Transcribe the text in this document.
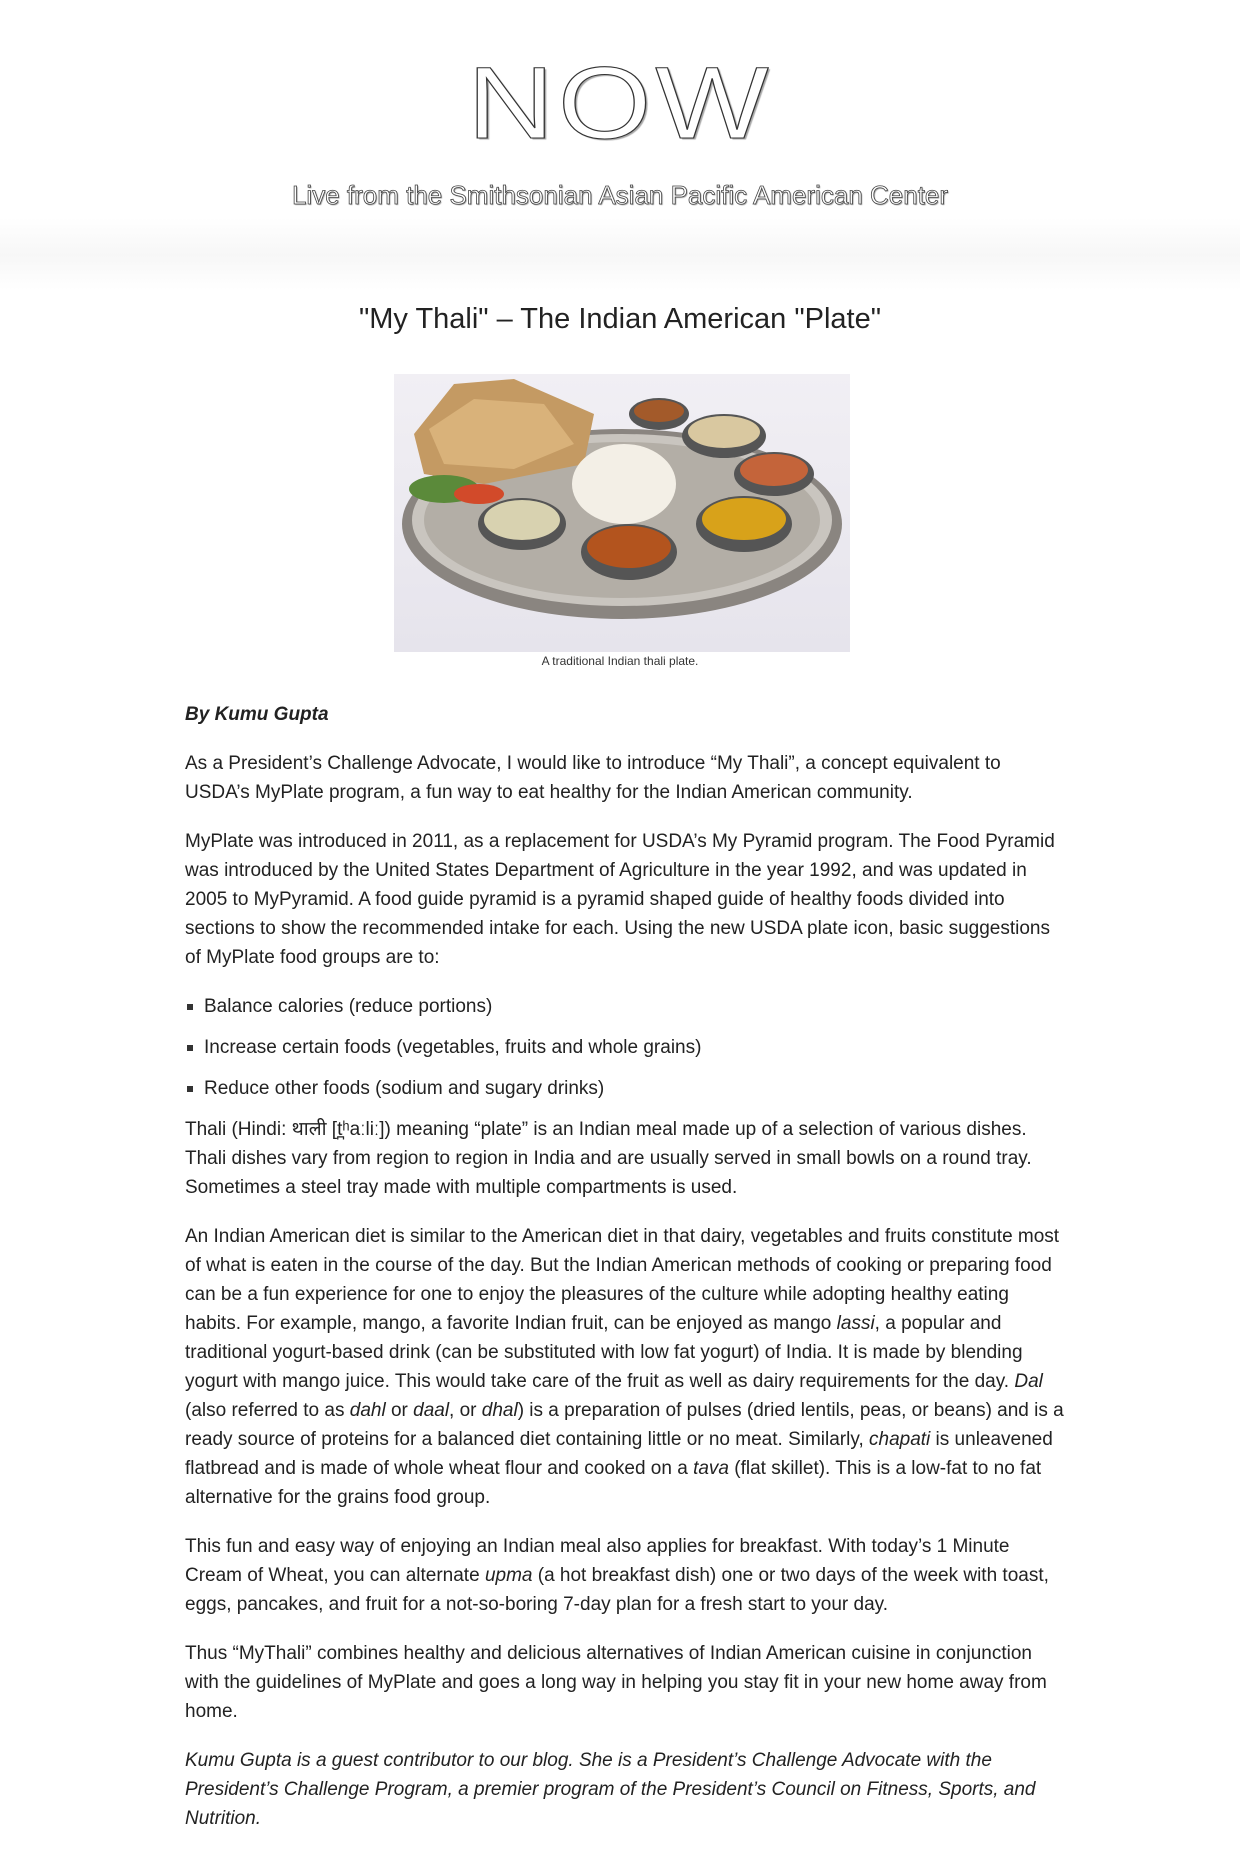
NOW
Live from the Smithsonian Asian Pacific American Center
"My Thali" – The Indian American "Plate"
A traditional Indian thali plate.
By Kumu Gupta

As a President’s Challenge Advocate, I would like to introduce “My Thali”, a concept equivalent to USDA’s MyPlate program, a fun way to eat healthy for the Indian American community.

MyPlate was introduced in 2011, as a replacement for USDA’s My Pyramid program. The Food Pyramid was introduced by the United States Department of Agriculture in the year 1992, and was updated in 2005 to MyPyramid. A food guide pyramid is a pyramid shaped guide of healthy foods divided into sections to show the recommended intake for each. Using the new USDA plate icon, basic suggestions of MyPlate food groups are to:

Balance calories (reduce portions)
Increase certain foods (vegetables, fruits and whole grains)
Reduce other foods (sodium and sugary drinks)

Thali (Hindi: थाली [t̪ʰaːliː]) meaning “plate” is an Indian meal made up of a selection of various dishes. Thali dishes vary from region to region in India and are usually served in small bowls on a round tray. Sometimes a steel tray made with multiple compartments is used.

An Indian American diet is similar to the American diet in that dairy, vegetables and fruits constitute most of what is eaten in the course of the day. But the Indian American methods of cooking or preparing food can be a fun experience for one to enjoy the pleasures of the culture while adopting healthy eating habits. For example, mango, a favorite Indian fruit, can be enjoyed as mango lassi, a popular and traditional yogurt-based drink (can be substituted with low fat yogurt) of India. It is made by blending yogurt with mango juice. This would take care of the fruit as well as dairy requirements for the day. Dal (also referred to as dahl or daal, or dhal) is a preparation of pulses (dried lentils, peas, or beans) and is a ready source of proteins for a balanced diet containing little or no meat. Similarly, chapati is unleavened flatbread and is made of whole wheat flour and cooked on a tava (flat skillet). This is a low-fat to no fat alternative for the grains food group.

This fun and easy way of enjoying an Indian meal also applies for breakfast. With today’s 1 Minute Cream of Wheat, you can alternate upma (a hot breakfast dish) one or two days of the week with toast, eggs, pancakes, and fruit for a not-so-boring 7-day plan for a fresh start to your day.

Thus “MyThali” combines healthy and delicious alternatives of Indian American cuisine in conjunction with the guidelines of MyPlate and goes a long way in helping you stay fit in your new home away from home.

Kumu Gupta is a guest contributor to our blog. She is a President’s Challenge Advocate with the President’s Challenge Program, a premier program of the President’s Council on Fitness, Sports, and Nutrition.
